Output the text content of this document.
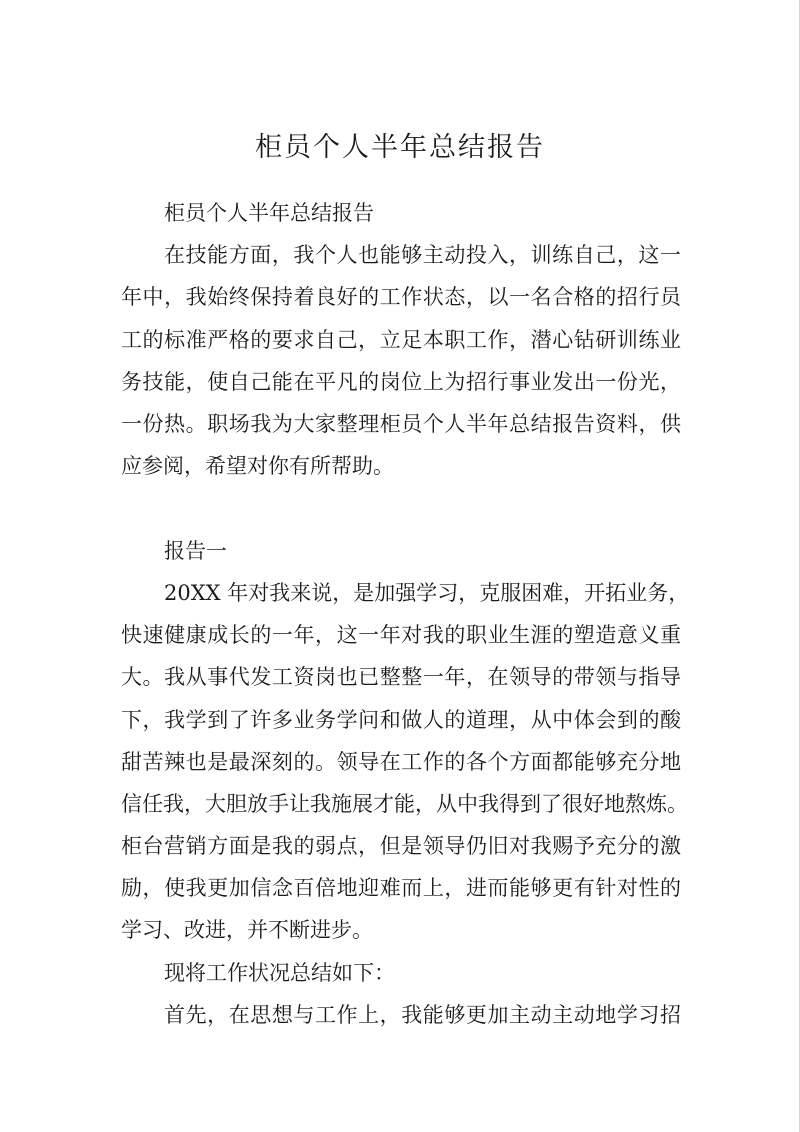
柜员个人半年总结报告
柜员个人半年总结报告
在技能方面，我个人也能够主动投入，训练自己，这一
年中，我始终保持着良好的工作状态，以一名合格的招行员
工的标准严格的要求自己，立足本职工作，潜心钻研训练业
务技能，使自己能在平凡的岗位上为招行事业发出一份光，
一份热。职场我为大家整理柜员个人半年总结报告资料，供
应参阅，希望对你有所帮助。
报告一
20XX 年对我来说，是加强学习，克服困难，开拓业务，
快速健康成长的一年，这一年对我的职业生涯的塑造意义重
大。我从事代发工资岗也已整整一年，在领导的带领与指导
下，我学到了许多业务学问和做人的道理，从中体会到的酸
甜苦辣也是最深刻的。领导在工作的各个方面都能够充分地
信任我，大胆放手让我施展才能，从中我得到了很好地熬炼。
柜台营销方面是我的弱点，但是领导仍旧对我赐予充分的激
励，使我更加信念百倍地迎难而上，进而能够更有针对性的
学习、改进，并不断进步。
现将工作状况总结如下：
首先，在思想与工作上，我能够更加主动主动地学习招
